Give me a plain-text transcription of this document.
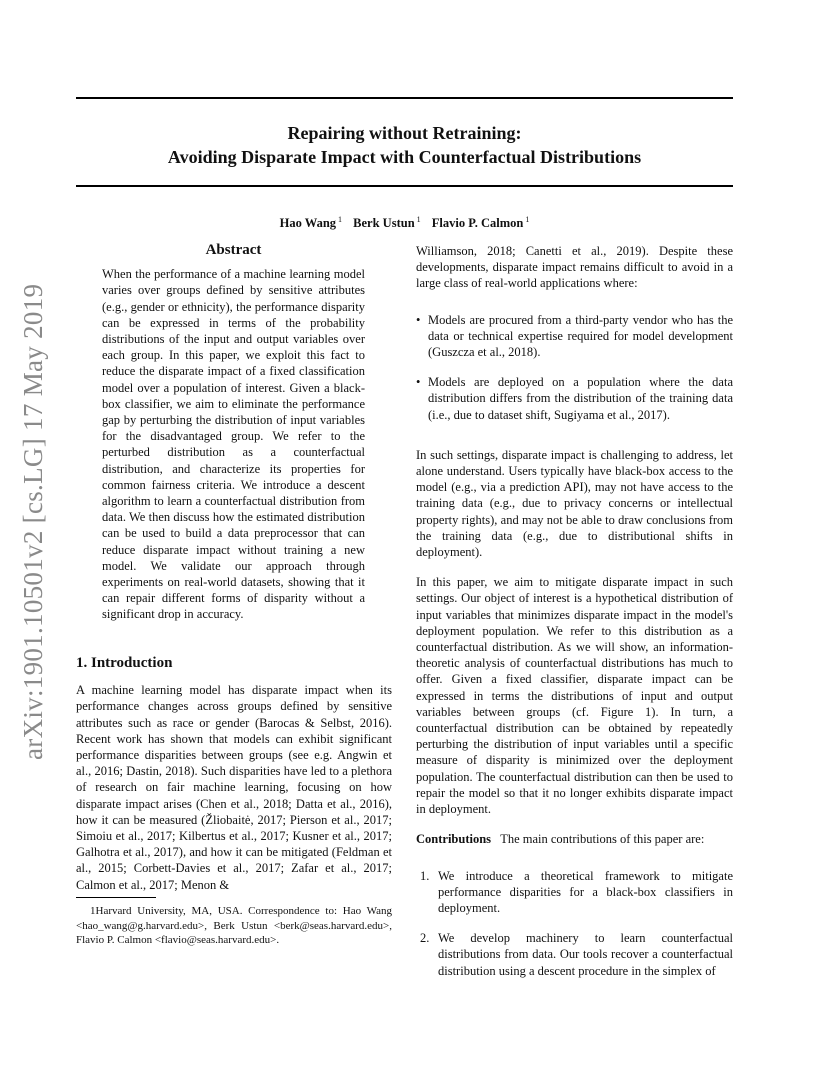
Repairing without Retraining:
Avoiding Disparate Impact with Counterfactual Distributions
Hao Wang $^1$ Berk Ustun $^1$ Flavio P. Calmon $^1$
arXiv:1901.10501v2 [cs.LG] 17 May 2019
Abstract

When the performance of a machine learning model varies over groups defined by sensitive attributes (e.g., gender or ethnicity), the performance disparity can be expressed in terms of the probability distributions of the input and output variables over each group. In this paper, we exploit this fact to reduce the disparate impact of a fixed classification model over a population of interest. Given a black-box classifier, we aim to eliminate the performance gap by perturbing the distribution of input variables for the disadvantaged group. We refer to the perturbed distribution as a counterfactual distribution, and characterize its properties for common fairness criteria. We introduce a descent algorithm to learn a counterfactual distribution from data. We then discuss how the estimated distribution can be used to build a data preprocessor that can reduce disparate impact without training a new model. We validate our approach through experiments on real-world datasets, showing that it can repair different forms of disparity without a significant drop in accuracy.

1. Introduction

A machine learning model has disparate impact when its performance changes across groups defined by sensitive attributes such as race or gender (Barocas & Selbst, 2016). Recent work has shown that models can exhibit significant performance disparities between groups (see e.g. Angwin et al., 2016; Dastin, 2018). Such disparities have led to a plethora of research on fair machine learning, focusing on how disparate impact arises (Chen et al., 2018; Datta et al., 2016), how it can be measured (Žliobaitė, 2017; Pierson et al., 2017; Simoiu et al., 2017; Kilbertus et al., 2017; Kusner et al., 2017; Galhotra et al., 2017), and how it can be mitigated (Feldman et al., 2015; Corbett-Davies et al., 2017; Zafar et al., 2017; Calmon et al., 2017; Menon &

1Harvard University, MA, USA. Correspondence to: Hao Wang <hao_wang@g.harvard.edu>, Berk Ustun <berk@seas.harvard.edu>, Flavio P. Calmon <flavio@seas.harvard.edu>.

Williamson, 2018; Canetti et al., 2019). Despite these developments, disparate impact remains difficult to avoid in a large class of real-world applications where:

• Models are procured from a third-party vendor who has the data or technical expertise required for model development (Guszcza et al., 2018).
• Models are deployed on a population where the data distribution differs from the distribution of the training data (i.e., due to dataset shift, Sugiyama et al., 2017).

In such settings, disparate impact is challenging to address, let alone understand. Users typically have black-box access to the model (e.g., via a prediction API), may not have access to the training data (e.g., due to privacy concerns or intellectual property rights), and may not be able to draw conclusions from the training data (e.g., due to distributional shifts in deployment).

In this paper, we aim to mitigate disparate impact in such settings. Our object of interest is a hypothetical distribution of input variables that minimizes disparate impact in the model's deployment population. We refer to this distribution as a counterfactual distribution. As we will show, an information-theoretic analysis of counterfactual distributions has much to offer. Given a fixed classifier, disparate impact can be expressed in terms the distributions of input and output variables between groups (cf. Figure 1). In turn, a counterfactual distribution can be obtained by repeatedly perturbing the distribution of input variables until a specific measure of disparity is minimized over the deployment population. The counterfactual distribution can then be used to repair the model so that it no longer exhibits disparate impact in deployment.

Contributions The main contributions of this paper are:

1. We introduce a theoretical framework to mitigate performance disparities for a black-box classifiers in deployment.
2. We develop machinery to learn counterfactual distributions from data. Our tools recover a counterfactual distribution using a descent procedure in the simplex of
